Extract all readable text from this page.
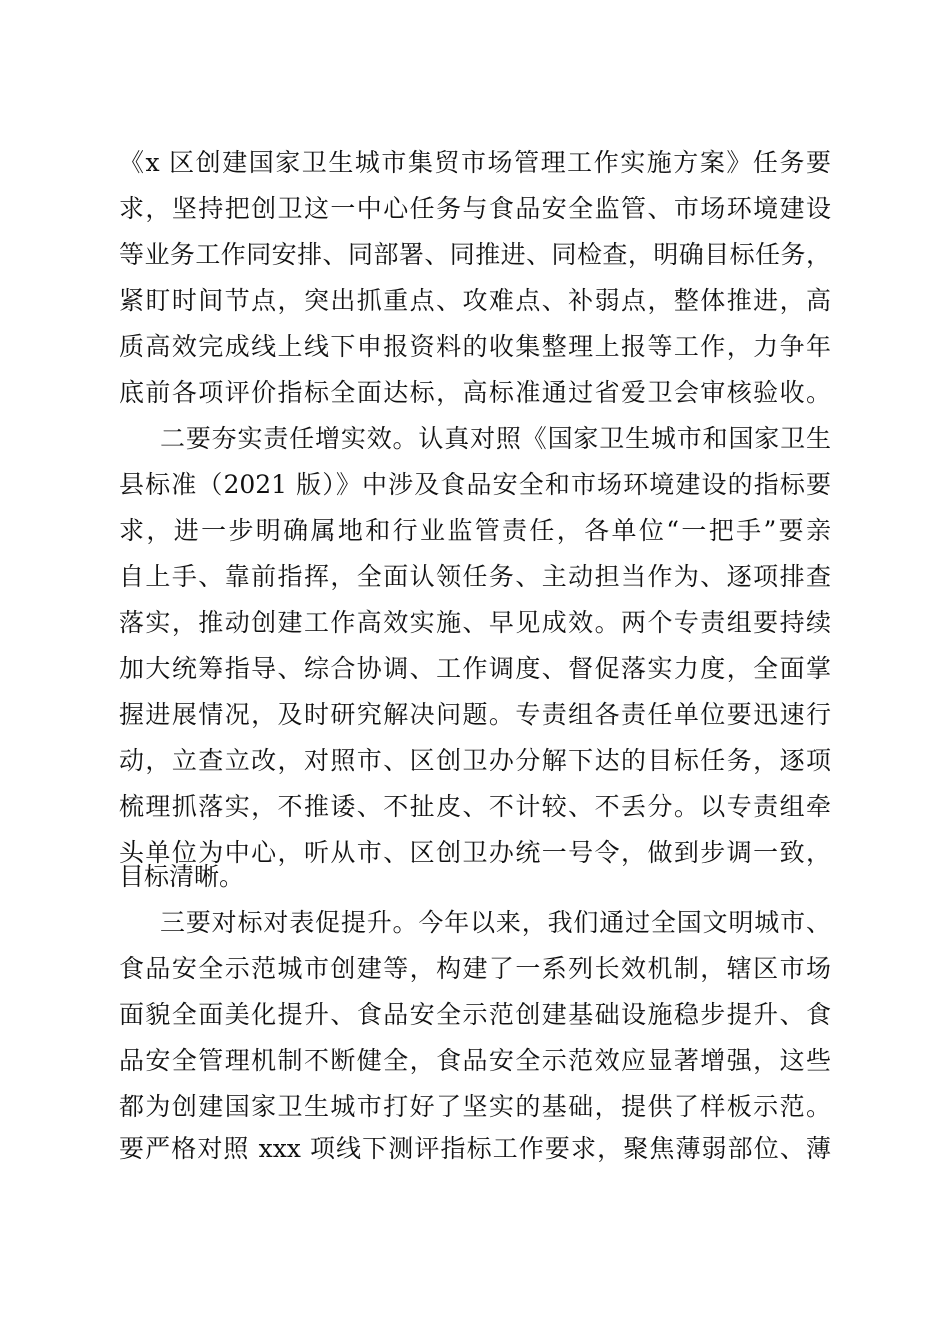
《x 区创建国家卫生城市集贸市场管理工作实施方案》任务要
求，坚持把创卫这一中心任务与食品安全监管、市场环境建设
等业务工作同安排、同部署、同推进、同检查，明确目标任务，
紧盯时间节点，突出抓重点、攻难点、补弱点，整体推进，高
质高效完成线上线下申报资料的收集整理上报等工作，力争年
底前各项评价指标全面达标，高标准通过省爱卫会审核验收。
二要夯实责任增实效。认真对照《国家卫生城市和国家卫生
县标准（2021 版）》中涉及食品安全和市场环境建设的指标要
求，进一步明确属地和行业监管责任，各单位“一把手”要亲
自上手、靠前指挥，全面认领任务、主动担当作为、逐项排查
落实，推动创建工作高效实施、早见成效。两个专责组要持续
加大统筹指导、综合协调、工作调度、督促落实力度，全面掌
握进展情况，及时研究解决问题。专责组各责任单位要迅速行
动，立查立改，对照市、区创卫办分解下达的目标任务，逐项
梳理抓落实，不推诿、不扯皮、不计较、不丢分。以专责组牵
头单位为中心，听从市、区创卫办统一号令，做到步调一致，
目标清晰。
三要对标对表促提升。今年以来，我们通过全国文明城市、
食品安全示范城市创建等，构建了一系列长效机制，辖区市场
面貌全面美化提升、食品安全示范创建基础设施稳步提升、食
品安全管理机制不断健全，食品安全示范效应显著增强，这些
都为创建国家卫生城市打好了坚实的基础，提供了样板示范。
要严格对照 xxx 项线下测评指标工作要求，聚焦薄弱部位、薄
